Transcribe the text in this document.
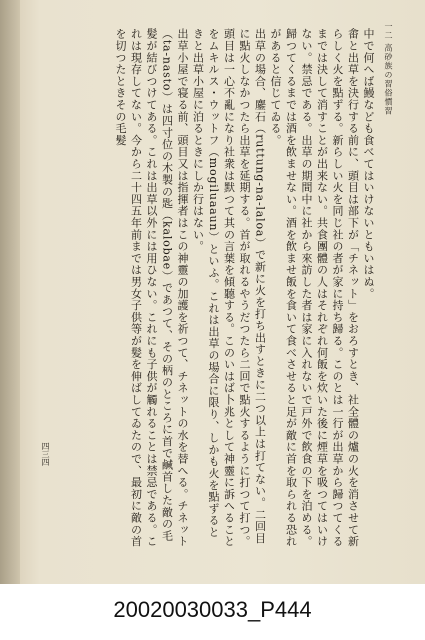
一二 高砂族の習俗慣習

中で何へば鰻なども食べてはいけないともいはぬ。

畬と出草を決行する前に、頭目は部下が「チネット」をおろすとき、社全體の爐の火を消させて新らしく火を點ずる。新らしい火を同じ社の者が家に持ち歸る。このとは一行が出草から歸つてくるまでは決して消すことが出来ない。共食團體の人はそれぞれ何飯を炊いた後に煙草を吸つてはいけない。禁忌である。出草の期間中に社から來訪した者は家に入れないで戸外で飲食の下を泊める。歸つてくるまでは酒を飲ませない。酒を飲ませ飯を食いて食べさせると足が敵に首を取られる恐れがあると信じてゐる。

出草の場合、鏖石（ruttung-na-laloa）で新に火を打ち出すときに二つ以上は打てない。二回目に點火しなかつたら出草を延期する。首が取れるやうだつたら二回で點火するように打つて打つ。頭目は一心不亂になり社衆は默つて其の言葉を傾聽する。このいはば卜兆として神靈に訴へることをムキルス・ウットフ（mogiluaaun）といふ。これは出草の場合に限り、しかも火を點ずるときと出草小屋に泊るときにしか行はない。

出草小屋で寝る前、頭目又は指揮者はこの神靈の加護を祈つて、チネットの水を替へる。チネット（ta-nasto）は四寸位の木製の匙（kalobae）であつて、その柄のところに首で鹹首した敵の毛髪が結びつけてある。これは出草以外には用ひない。これにも子供が觸れることは禁忌である。これは現存してない。今から二十四五年前までは男女子供等が髪を伸ばしてゐたので、最初に敵の首を切つたときその毛髪

四三四
20020030033_P444
